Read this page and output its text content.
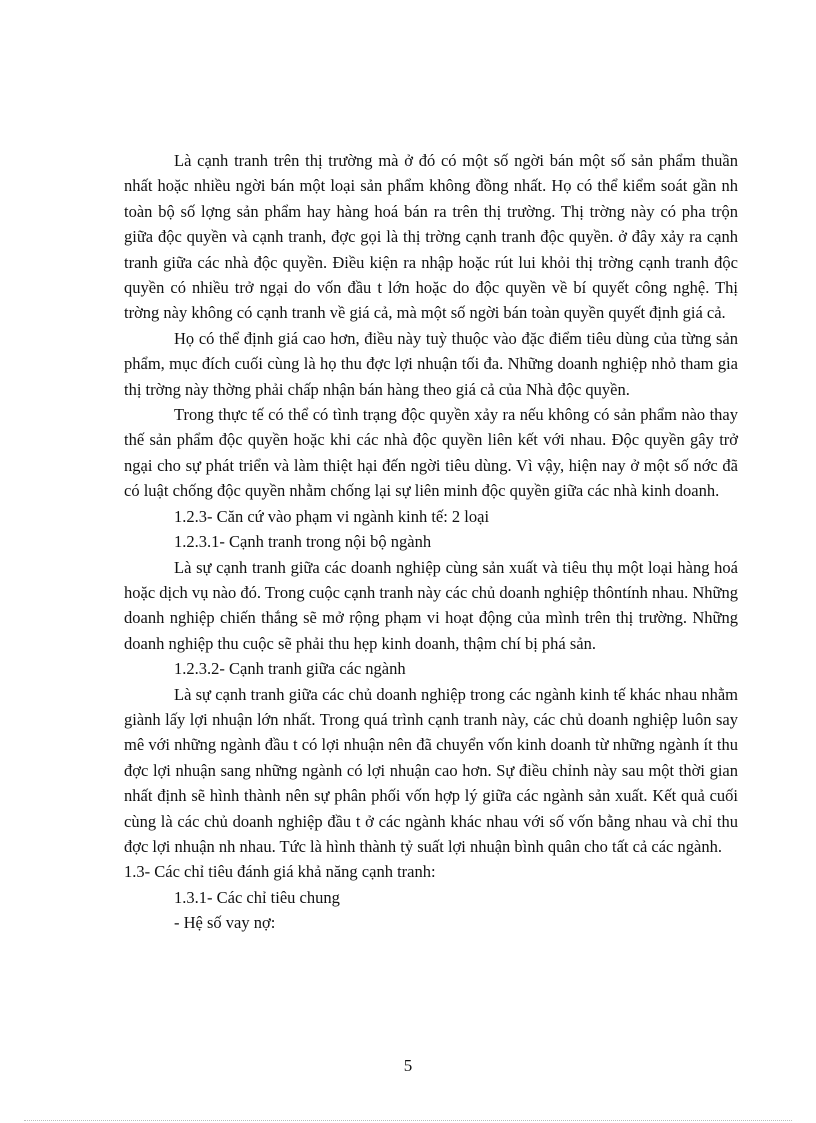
Là cạnh tranh trên thị trường mà ở đó có một số ngời bán một số sản phẩm thuần nhất hoặc nhiều ngời bán một loại sản phẩm không đồng nhất. Họ có thể kiểm soát gần nh toàn bộ số lợng sản phẩm hay hàng hoá bán ra trên thị trường. Thị trờng này có pha trộn giữa độc quyền và cạnh tranh, đợc gọi là thị trờng cạnh tranh độc quyền. ở đây xảy ra cạnh tranh giữa các nhà độc quyền. Điều kiện ra nhập hoặc rút lui khỏi thị trờng cạnh tranh độc quyền có nhiều trở ngại do vốn đầu t lớn hoặc do độc quyền về bí quyết công nghệ. Thị trờng này không có cạnh tranh về giá cả, mà một số ngời bán toàn quyền quyết định giá cả.

Họ có thể định giá cao hơn, điều này tuỳ thuộc vào đặc điểm tiêu dùng của từng sản phẩm, mục đích cuối cùng là họ thu đợc lợi nhuận tối đa. Những doanh nghiệp nhỏ tham gia thị trờng này thờng phải chấp nhận bán hàng theo giá cả của Nhà độc quyền.

Trong thực tế có thể có tình trạng độc quyền xảy ra nếu không có sản phẩm nào thay thế sản phẩm độc quyền hoặc khi các nhà độc quyền liên kết với nhau. Độc quyền gây trở ngại cho sự phát triển và làm thiệt hại đến ngời tiêu dùng. Vì vậy, hiện nay ở một số nớc đã có luật chống độc quyền nhằm chống lại sự liên minh độc quyền giữa các nhà kinh doanh.

1.2.3- Căn cứ vào phạm vi ngành kinh tế: 2 loại

1.2.3.1- Cạnh tranh trong nội bộ ngành

Là sự cạnh tranh giữa các doanh nghiệp cùng sản xuất và tiêu thụ một loại hàng hoá hoặc dịch vụ nào đó. Trong cuộc cạnh tranh này các chủ doanh nghiệp thôntính nhau. Những doanh nghiệp chiến thắng sẽ mở rộng phạm vi hoạt động của mình trên thị trường. Những doanh nghiệp thu cuộc sẽ phải thu hẹp kinh doanh, thậm chí bị phá sản.

1.2.3.2- Cạnh tranh giữa các ngành

Là sự cạnh tranh giữa các chủ doanh nghiệp trong các ngành kinh tế khác nhau nhằm giành lấy lợi nhuận lớn nhất. Trong quá trình cạnh tranh này, các chủ doanh nghiệp luôn say mê với những ngành đầu t có lợi nhuận nên đã chuyển vốn kinh doanh từ những ngành ít thu đợc lợi nhuận sang những ngành có lợi nhuận cao hơn. Sự điều chỉnh này sau một thời gian nhất định sẽ hình thành nên sự phân phối vốn hợp lý giữa các ngành sản xuất. Kết quả cuối cùng là các chủ doanh nghiệp đầu t ở các ngành khác nhau với số vốn bằng nhau và chỉ thu đợc lợi nhuận nh nhau. Tức là hình thành tỷ suất lợi nhuận bình quân cho tất cả các ngành.

1.3- Các chỉ tiêu đánh giá khả năng cạnh tranh:

1.3.1- Các chỉ tiêu chung

- Hệ số vay nợ:

5
